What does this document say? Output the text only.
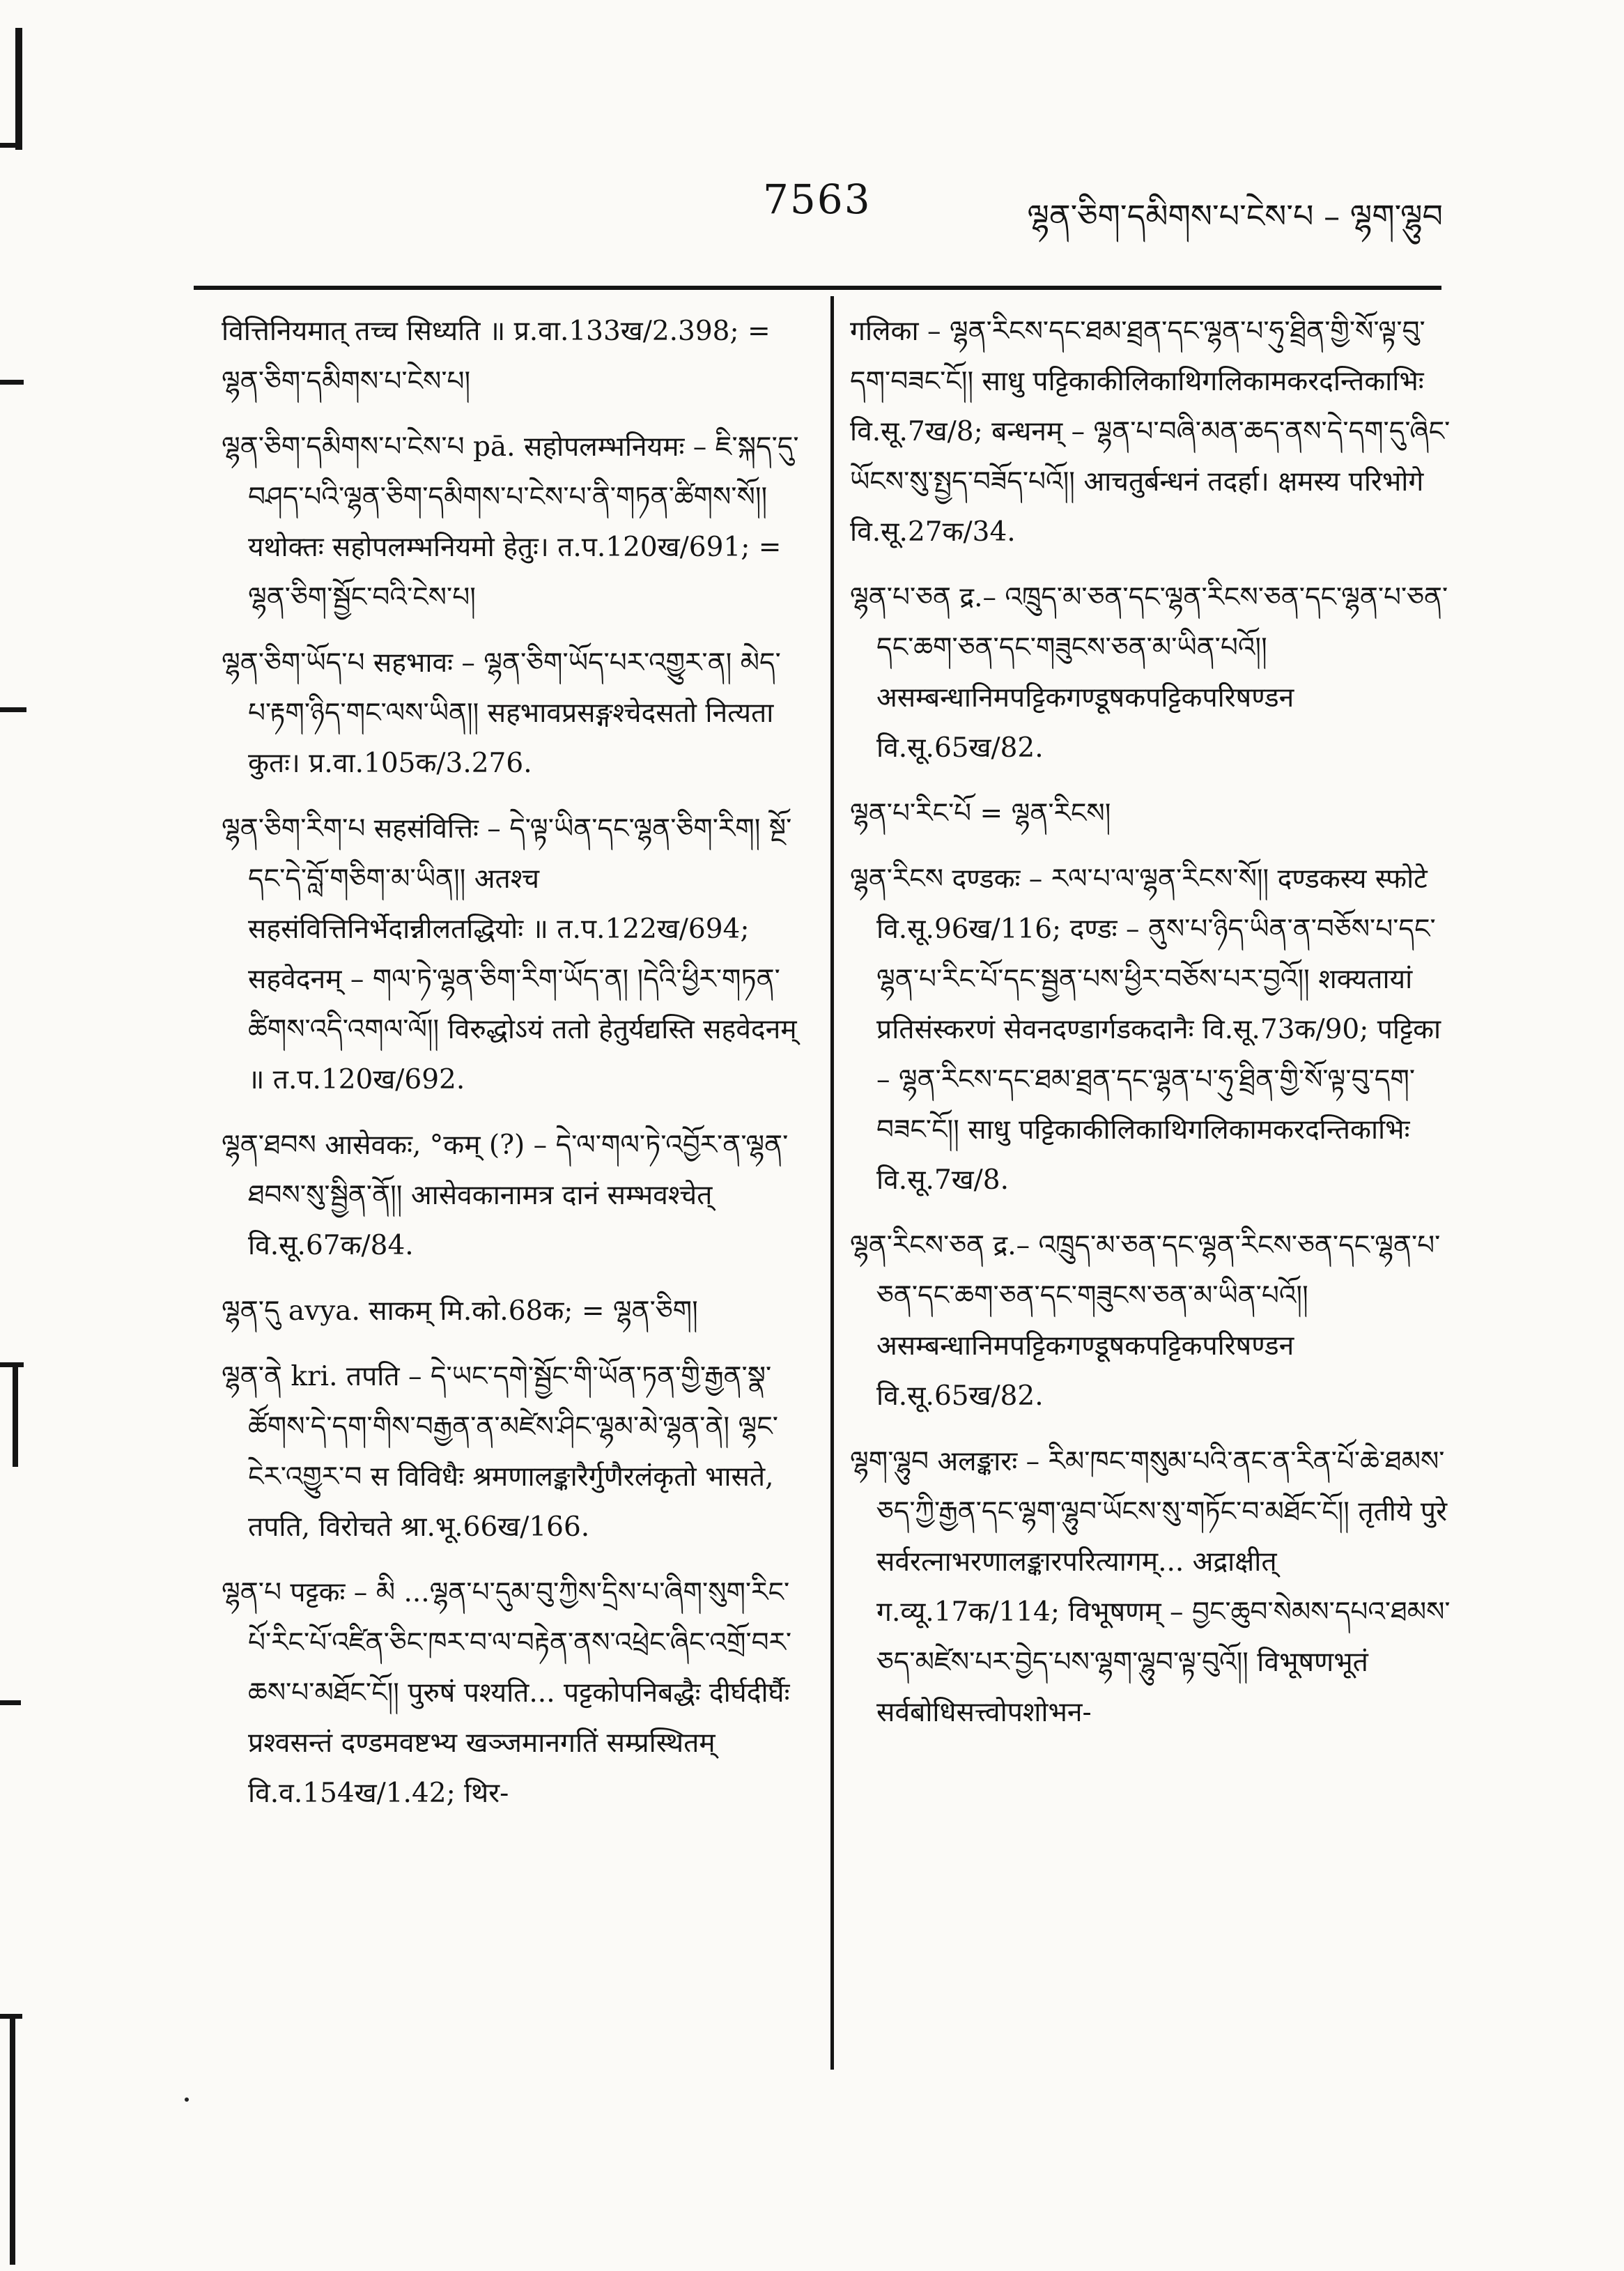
7563	ལྷན་ཅིག་དམིགས་པ་ངེས་པ – ལྷག་ལྷུབ

वित्तिनियमात् तच्च सिध्यति ॥ प्र.वा.133ख/2.398; = ལྷན་ཅིག་དམིགས་པ་ངེས་པ།

ལྷན་ཅིག་དམིགས་པ་ངེས་པ pā. सहोपलम्भनियमः – ཇི་སྐད་དུ་བཤད་པའི་ལྷན་ཅིག་དམིགས་པ་ངེས་པ་ནི་གཏན་ཚིགས་སོ།། यथोक्तः सहोपलम्भनियमो हेतुः। त.प.120ख/691; = ལྷན་ཅིག་སྦྱོང་བའི་ངེས་པ།

ལྷན་ཅིག་ཡོད་པ सहभावः – ལྷན་ཅིག་ཡོད་པར་འགྱུར་ན། མེད་པ་རྟག་ཉིད་གང་ལས་ཡིན།། सहभावप्रसङ्गश्चेदसतो नित्यता कुतः। प्र.वा.105क/3.276.

ལྷན་ཅིག་རིག་པ सहसंवित्तिः – དེ་ལྟ་ཡིན་དང་ལྷན་ཅིག་རིག། སྔོ་དང་དེ་བློ་གཅིག་མ་ཡིན།། अतश्च सहसंवित्तिनिर्भेदान्नीलतद्धियोः ॥ त.प.122ख/694; सहवेदनम् – གལ་ཏེ་ལྷན་ཅིག་རིག་ཡོད་ན། །དེའི་ཕྱིར་གཏན་ཚིགས་འདི་འགལ་ལོ།། विरुद्धोऽयं ततो हेतुर्यद्यस्ति सहवेदनम् ॥ त.प.120ख/692.

ལྷན་ཐབས आसेवकः, °कम् (?) – དེ་ལ་གལ་ཏེ་འབྱོར་ན་ལྷན་ཐབས་སུ་སྦྱིན་ནོ།། आसेवकानामत्र दानं सम्भवश्चेत् वि.सू.67क/84.

ལྷན་དུ avya. साकम् मि.को.68क; = ལྷན་ཅིག།

ལྷན་ནེ kri. तपति – དེ་ཡང་དགེ་སྦྱོང་གི་ཡོན་ཏན་གྱི་རྒྱན་སྣ་ཚོགས་དེ་དག་གིས་བརྒྱན་ན་མཛེས་ཤིང་ལྷམ་མེ་ལྷན་ནེ། ལྷང་ངེར་འགྱུར་བ स विविधैः श्रमणालङ्कारैर्गुणैरलंकृतो भासते, तपति, विरोचते श्रा.भू.66ख/166.

ལྷན་པ पट्टकः – མི ...ལྷན་པ་དུམ་བུ་ཀྱིས་དྲིས་པ་ཞིག་སུག་རིང་པོ་རིང་པོ་འཛིན་ཅིང་ཁར་བ་ལ་བརྟེན་ནས་འཕྲེང་ཞིང་འགྲོ་བར་ཆས་པ་མཐོང་ངོ།། पुरुषं पश्यति... पट्टकोपनिबद्धैः दीर्घदीर्घैः प्रश्वसन्तं दण्डमवष्टभ्य खञ्जमानगतिं सम्प्रस्थितम् वि.व.154ख/1.42; थिर-

गलिका – ལྷན་རིངས་དང་ཐམ་ཐྲན་དང་ལྷན་པ་ཧུ་ཐྲིན་གྱི་སོ་ལྟ་བུ་དག་བཟང་ངོ།། साधु पट्टिकाकीलिकाथिगलिकामकरदन्तिकाभिः वि.सू.7ख/8; बन्धनम् – ལྷན་པ་བཞི་མན་ཆད་ནས་དེ་དག་དུ་ཞིང་ཡོངས་སུ་སྤྱད་བཟོད་པའོ།། आचतुर्बन्धनं तदर्हा। क्षमस्य परिभोगे वि.सू.27क/34.

ལྷན་པ་ཅན द्र.– འཁྲུད་མ་ཅན་དང་ལྷན་རིངས་ཅན་དང་ལྷན་པ་ཅན་དང་ཆག་ཅན་དང་གཟུངས་ཅན་མ་ཡིན་པའོ།། असम्बन्धानिमपट्टिकगण्डूषकपट्टिकपरिषण्डन वि.सू.65ख/82.

ལྷན་པ་རིང་པོ = ལྷན་རིངས།

ལྷན་རིངས दण्डकः – རལ་པ་ལ་ལྷན་རིངས་སོ།། दण्डकस्य स्फोटे वि.सू.96ख/116; दण्डः – ནུས་པ་ཉིད་ཡིན་ན་བཅོས་པ་དང་ལྷན་པ་རིང་པོ་དང་སྦྱན་པས་ཕྱིར་བཅོས་པར་བྱའོ།། शक्यतायां प्रतिसंस्करणं सेवनदण्डार्गडकदानैः वि.सू.73क/90; पट्टिका – ལྷན་རིངས་དང་ཐམ་ཐྲན་དང་ལྷན་པ་ཧུ་ཐྲིན་གྱི་སོ་ལྟ་བུ་དག་བཟང་ངོ།། साधु पट्टिकाकीलिकाथिगलिकामकरदन्तिकाभिः वि.सू.7ख/8.

ལྷན་རིངས་ཅན द्र.– འཁྲུད་མ་ཅན་དང་ལྷན་རིངས་ཅན་དང་ལྷན་པ་ཅན་དང་ཆག་ཅན་དང་གཟུངས་ཅན་མ་ཡིན་པའོ།། असम्बन्धानिमपट्टिकगण्डूषकपट्टिकपरिषण्डन वि.सू.65ख/82.

ལྷག་ལྷུབ अलङ्कारः – རིམ་ཁང་གསུམ་པའི་ནང་ན་རིན་པོ་ཆེ་ཐམས་ཅད་ཀྱི་རྒྱན་དང་ལྷག་ལྷུབ་ཡོངས་སུ་གཏོང་བ་མཐོང་ངོ།། तृतीये पुरे सर्वरत्नाभरणालङ्कारपरित्यागम्... अद्राक्षीत् ग.व्यू.17क/114; विभूषणम् – བྱང་ཆུབ་སེམས་དཔའ་ཐམས་ཅད་མཛེས་པར་བྱེད་པས་ལྷག་ལྷུབ་ལྟ་བུའོ།། विभूषणभूतं सर्वबोधिसत्त्वोपशोभन-
